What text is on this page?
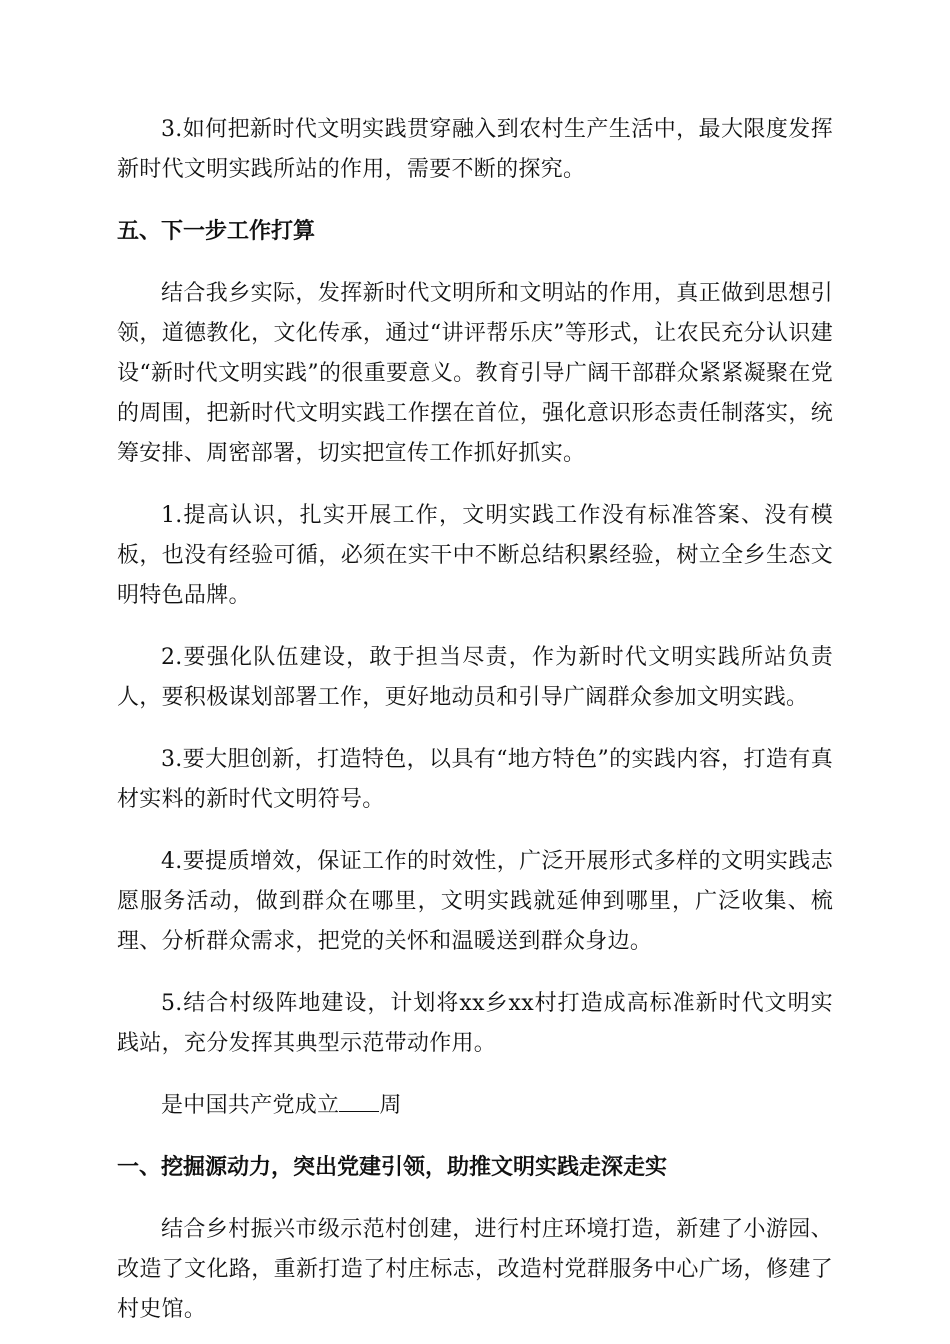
3.如何把新时代文明实践贯穿融入到农村生产生活中，最大限度发挥新时代文明实践所站的作用，需要不断的探究。

五、下一步工作打算

结合我乡实际，发挥新时代文明所和文明站的作用，真正做到思想引领，道德教化，文化传承，通过“讲评帮乐庆”等形式，让农民充分认识建设“新时代文明实践”的很重要意义。教育引导广阔干部群众紧紧凝聚在党的周围，把新时代文明实践工作摆在首位，强化意识形态责任制落实，统筹安排、周密部署，切实把宣传工作抓好抓实。

1.提高认识，扎实开展工作，文明实践工作没有标准答案、没有模板，也没有经验可循，必须在实干中不断总结积累经验，树立全乡生态文明特色品牌。

2.要强化队伍建设，敢于担当尽责，作为新时代文明实践所站负责人，要积极谋划部署工作，更好地动员和引导广阔群众参加文明实践。

3.要大胆创新，打造特色，以具有“地方特色”的实践内容，打造有真材实料的新时代文明符号。

4.要提质增效，保证工作的时效性，广泛开展形式多样的文明实践志愿服务活动，做到群众在哪里，文明实践就延伸到哪里，广泛收集、梳理、分析群众需求，把党的关怀和温暖送到群众身边。

5.结合村级阵地建设，计划将xx乡xx村打造成高标准新时代文明实践站，充分发挥其典型示范带动作用。

是中国共产党成立 周

一、挖掘源动力，突出党建引领，助推文明实践走深走实

结合乡村振兴市级示范村创建，进行村庄环境打造，新建了小游园、改造了文化路，重新打造了村庄标志，改造村党群服务中心广场，修建了村史馆。
